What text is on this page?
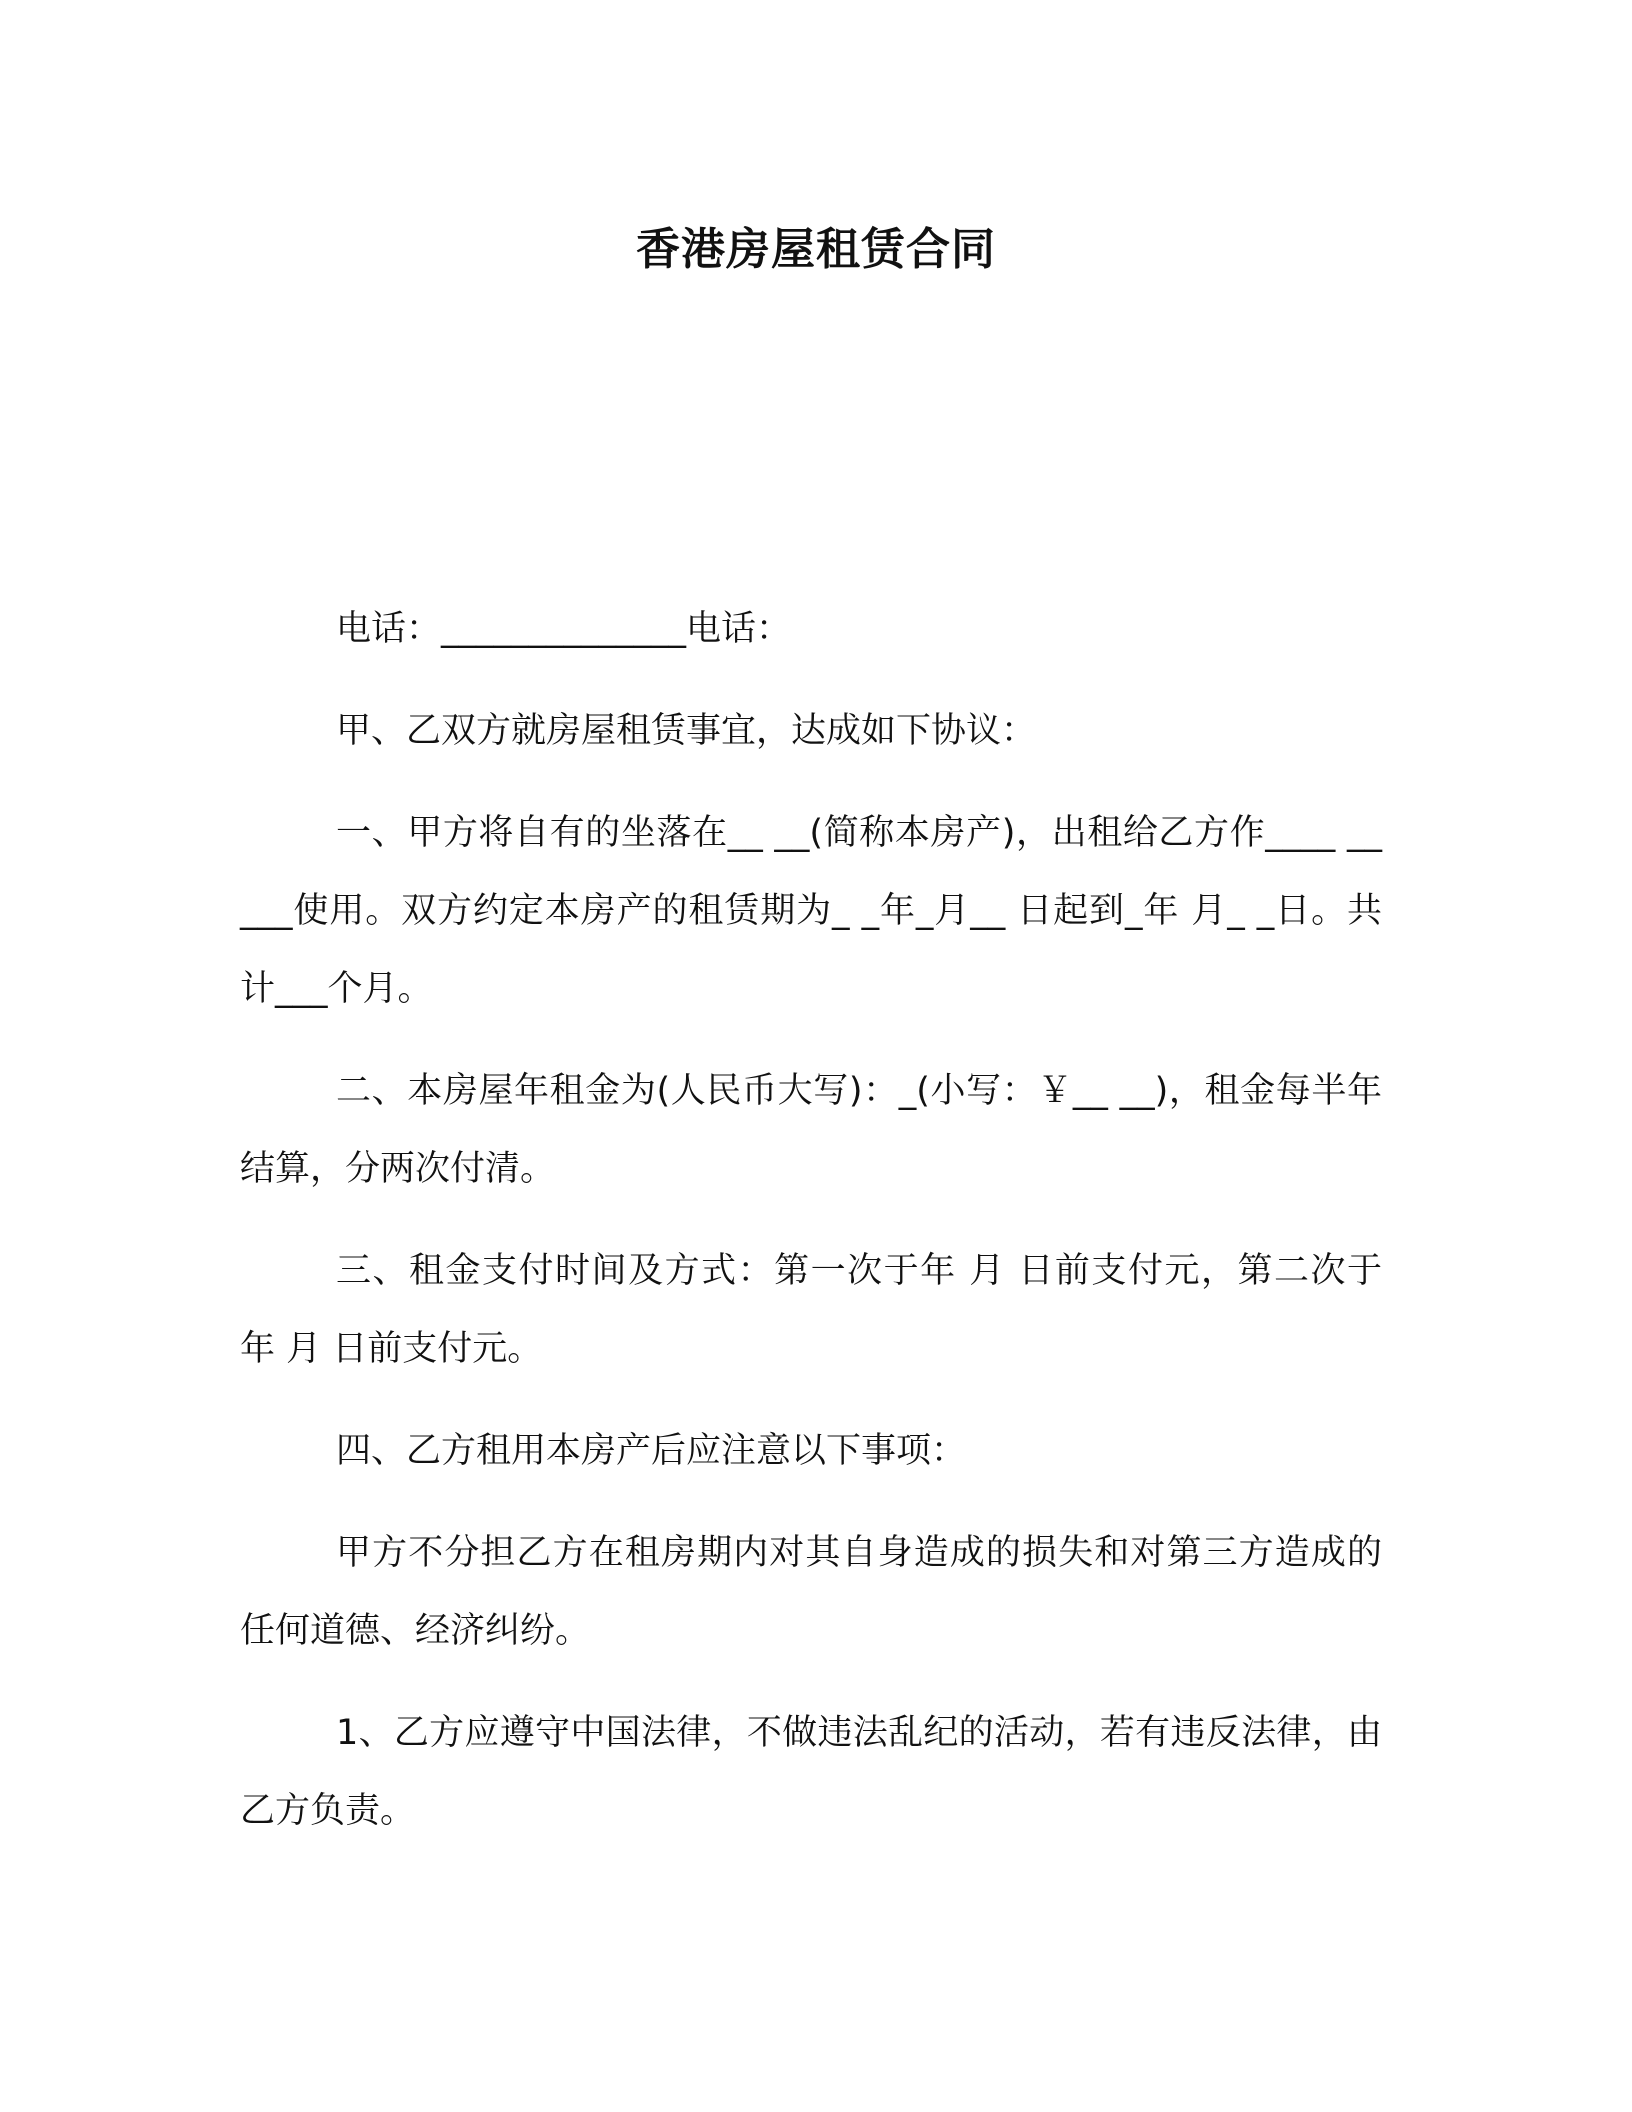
香港房屋租赁合同

电话：______________电话：

甲、乙双方就房屋租赁事宜，达成如下协议：

一、甲方将自有的坐落在__ __(简称本房产)，出租给乙方作____ _____使用。双方约定本房产的租赁期为_ _年_月__ 日起到_年 月_ _日。共计___个月。

二、本房屋年租金为(人民币大写)：_(小写：￥__ __)，租金每半年结算，分两次付清。

三、租金支付时间及方式：第一次于年 月 日前支付元，第二次于 年 月 日前支付元。

四、乙方租用本房产后应注意以下事项：

甲方不分担乙方在租房期内对其自身造成的损失和对第三方造成的任何道德、经济纠纷。

1、乙方应遵守中国法律，不做违法乱纪的活动，若有违反法律，由乙方负责。
